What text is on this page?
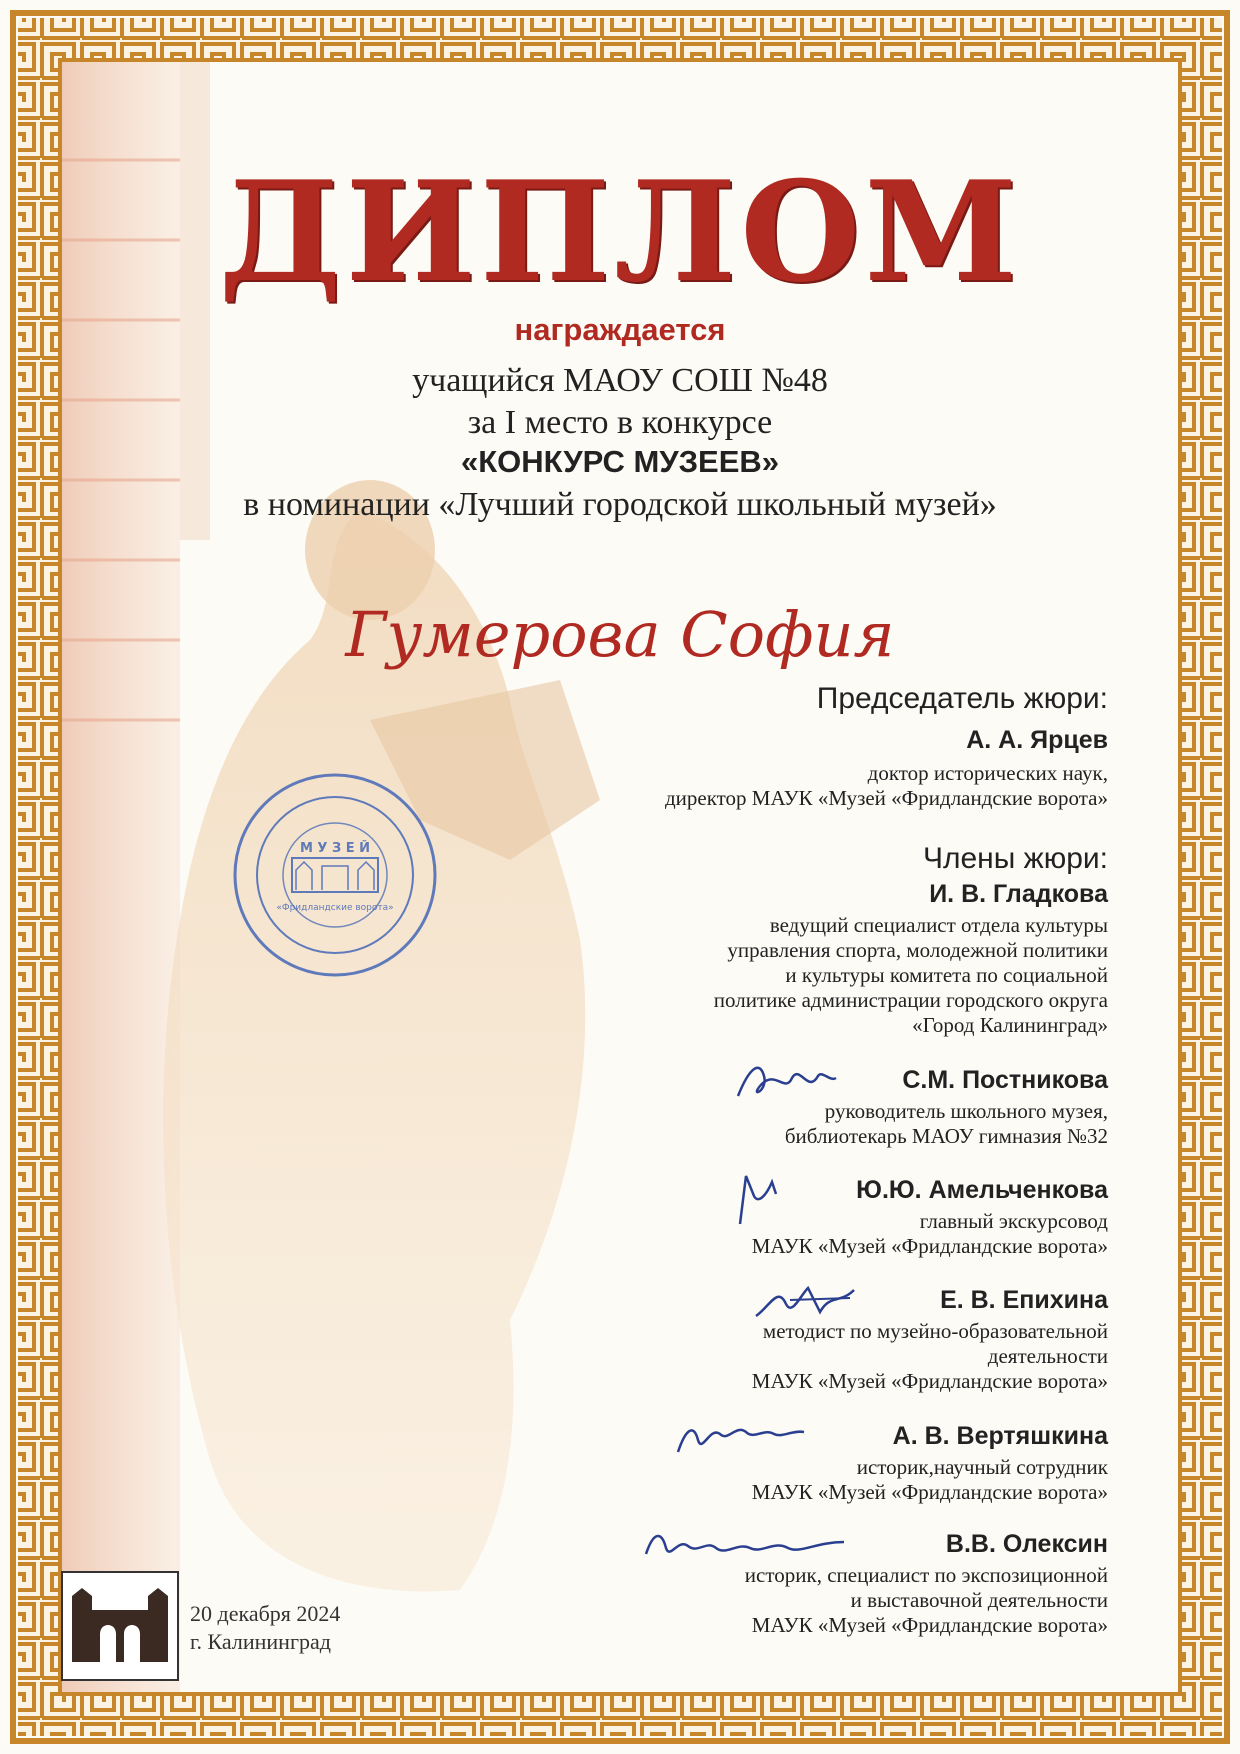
ДИПЛОМ
награждается
учащийся МАОУ СОШ №48
за I место в конкурсе
«КОНКУРС МУЗЕЕВ»
в номинации «Лучший городской школьный музей»
Гумерова София
Председатель жюри:
А. А. Ярцев
доктор исторических наук,
директор МАУК «Музей «Фридландские ворота»
Члены жюри:
И. В. Гладкова
ведущий специалист отдела культуры
управления спорта, молодежной политики
и культуры комитета по социальной
политике администрации городского округа
«Город Калининград»
С.М. Постникова
руководитель школьного музея,
библиотекарь МАОУ гимназия №32
Ю.Ю. Амельченкова
главный экскурсовод
МАУК «Музей «Фридландские ворота»
Е. В. Епихина
методист по музейно-образовательной
деятельности
МАУК «Музей «Фридландские ворота»
А. В. Вертяшкина
историк,научный сотрудник
МАУК «Музей «Фридландские ворота»
В.В. Олексин
историк, специалист по экспозиционной
и выставочной деятельности
МАУК «Музей «Фридландские ворота»
М У З Е Й
«Фридландские ворота»
20 декабря 2024
г. Калининград
